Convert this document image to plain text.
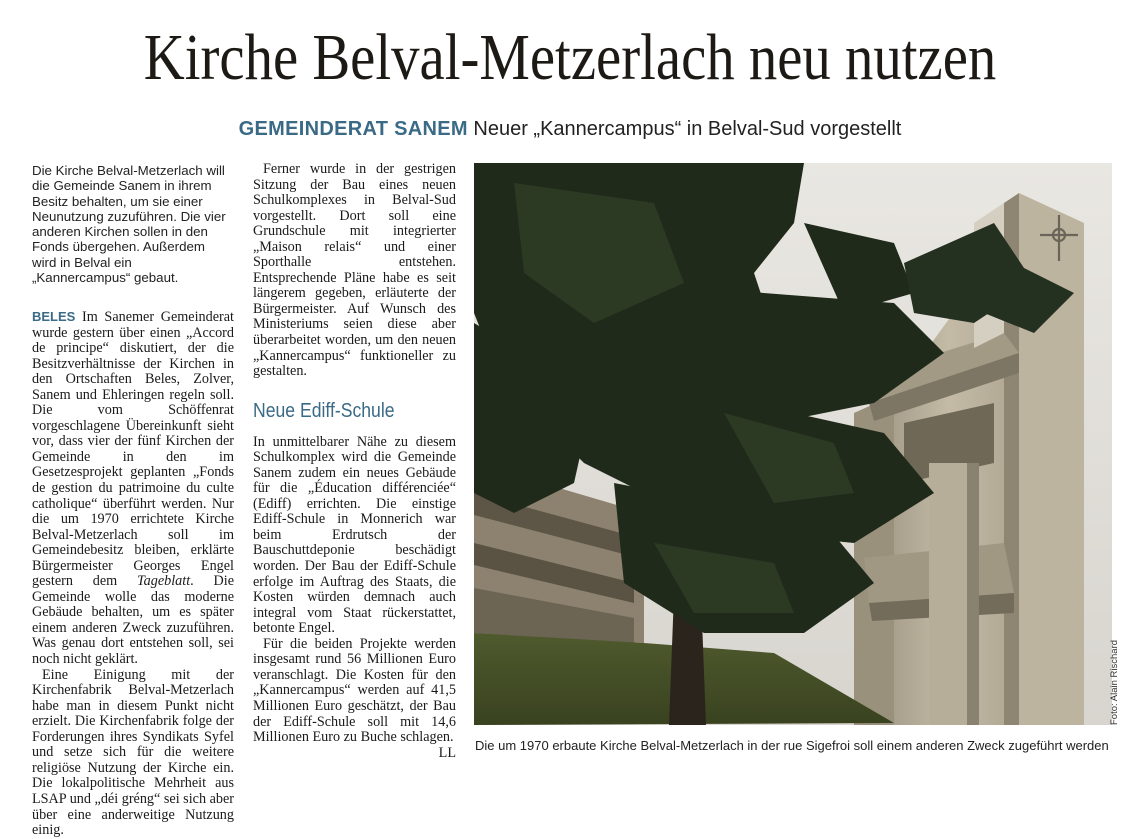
Kirche Belval-Metzerlach neu nutzen
GEMEINDERAT SANEM Neuer „Kannercampus“ in Belval-Sud vorgestellt
Die Kirche Belval-Metzerlach will die Gemeinde Sanem in ihrem Besitz behalten, um sie einer Neunutzung zuzuführen. Die vier anderen Kirchen sollen in den Fonds übergehen. Außerdem wird in Belval ein „Kannercampus“ gebaut.

BELES Im Sanemer Gemeinderat wurde gestern über einen „Accord de principe“ diskutiert, der die Besitzverhältnisse der Kirchen in den Ortschaften Beles, Zolver, Sanem und Ehleringen regeln soll. Die vom Schöffenrat vorgeschlagene Übereinkunft sieht vor, dass vier der fünf Kirchen der Gemeinde in den im Gesetzesprojekt geplanten „Fonds de gestion du patrimoine du culte catholique“ überführt werden. Nur die um 1970 errichtete Kirche Belval-Metzerlach soll im Gemeindebesitz bleiben, erklärte Bürgermeister Georges Engel gestern dem Tageblatt. Die Gemeinde wolle das moderne Gebäude behalten, um es später einem anderen Zweck zuzuführen. Was genau dort entstehen soll, sei noch nicht geklärt.

Eine Einigung mit der Kirchenfabrik Belval-Metzerlach habe man in diesem Punkt nicht erzielt. Die Kirchenfabrik folge der Forderungen ihres Syndikats Syfel und setze sich für die weitere religiöse Nutzung der Kirche ein. Die lokalpolitische Mehrheit aus LSAP und „déi gréng“ sei sich aber über eine anderweitige Nutzung einig.

Ferner wurde in der gestrigen Sitzung der Bau eines neuen Schulkomplexes in Belval-Sud vorgestellt. Dort soll eine Grundschule mit integrierter „Maison relais“ und einer Sporthalle entstehen. Entsprechende Pläne habe es seit längerem gegeben, erläuterte der Bürgermeister. Auf Wunsch des Ministeriums seien diese aber überarbeitet worden, um den neuen „Kannercampus“ funktioneller zu gestalten.

Neue Ediff-Schule

In unmittelbarer Nähe zu diesem Schulkomplex wird die Gemeinde Sanem zudem ein neues Gebäude für die „Éducation différenciée“ (Ediff) errichten. Die einstige Ediff-Schule in Monnerich war beim Erdrutsch der Bauschuttdeponie beschädigt worden. Der Bau der Ediff-Schule erfolge im Auftrag des Staats, die Kosten würden demnach auch integral vom Staat rückerstattet, betonte Engel.

Für die beiden Projekte werden insgesamt rund 56 Millionen Euro veranschlagt. Die Kosten für den „Kannercampus“ werden auf 41,5 Millionen Euro geschätzt, der Bau der Ediff-Schule soll mit 14,6 Millionen Euro zu Buche schlagen.
LL

Foto: Alain Rischard
Die um 1970 erbaute Kirche Belval-Metzerlach in der rue Sigefroi soll einem anderen Zweck zugeführt werden
